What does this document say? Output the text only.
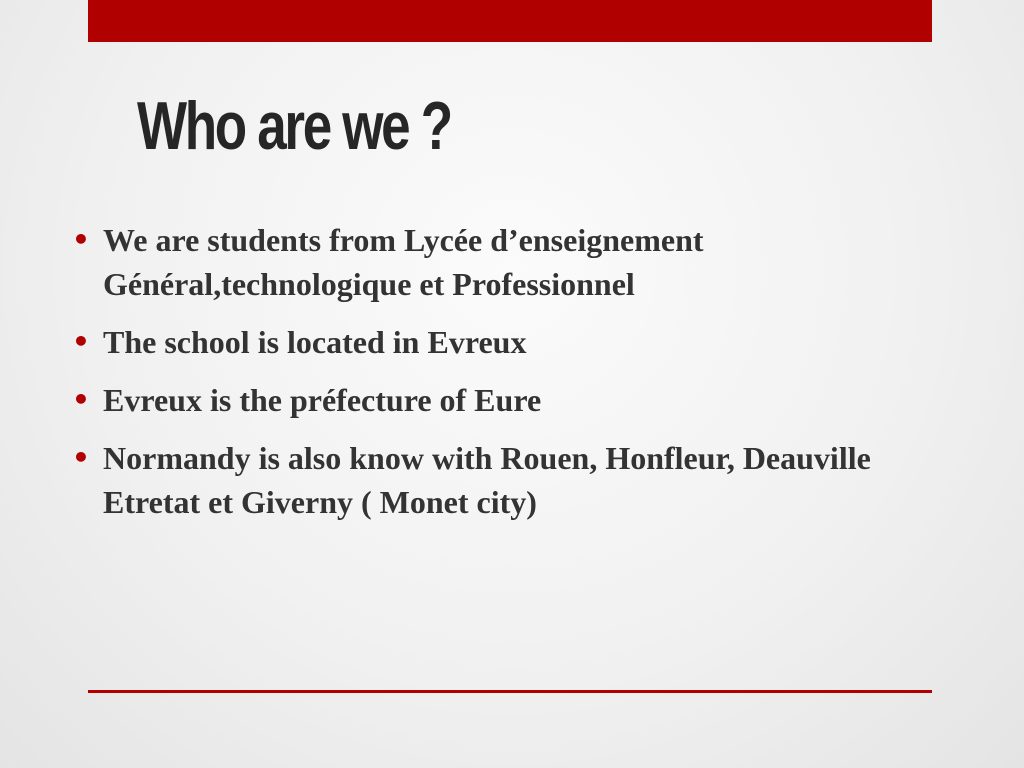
Who are we ?
• We are students from Lycée d’enseignement Général,technologique et Professionnel
• The school is located in Evreux
• Evreux is the préfecture of Eure
• Normandy is also know with Rouen, Honfleur, Deauville Etretat et Giverny ( Monet city)
